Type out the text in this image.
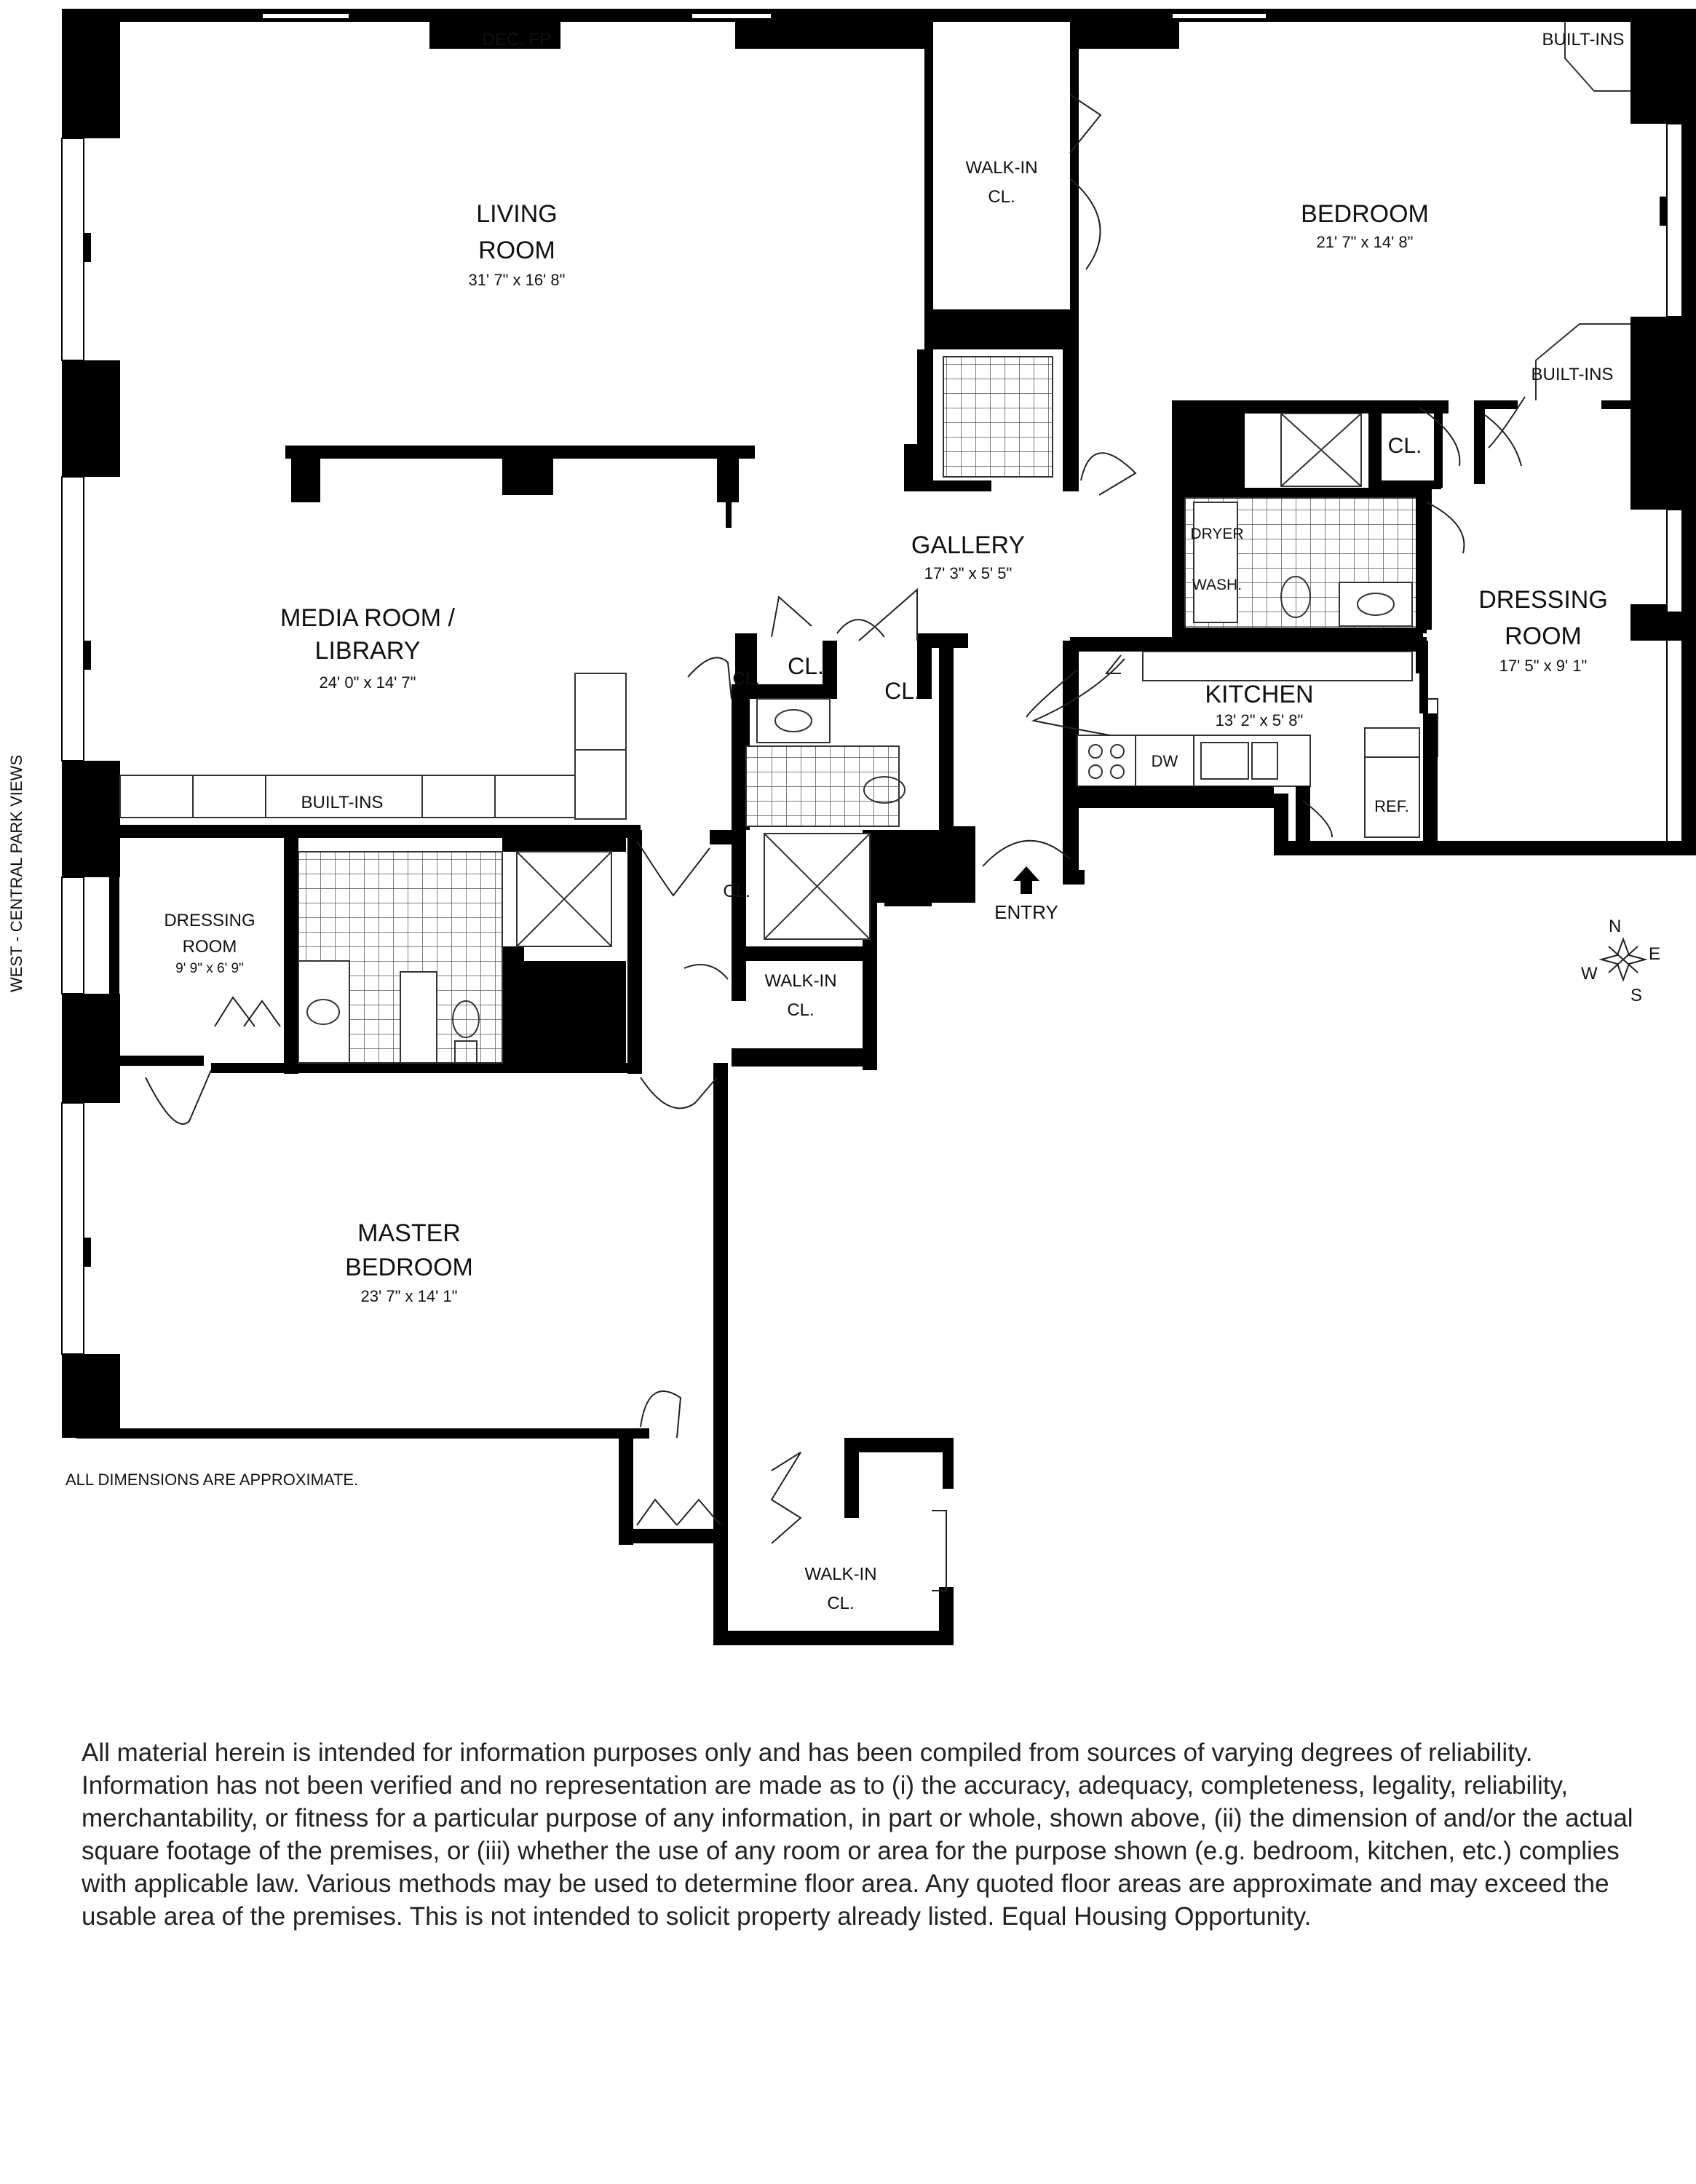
N
E
S
W
DEC. FP	BUILT-INS
BUILT-INS
BUILT-INS
LIVING
ROOM
31' 7" x 16' 8"
MEDIA ROOM /
LIBRARY
24' 0" x 14' 7"
GALLERY
17' 3" x 5' 5"
BEDROOM
21' 7" x 14' 8"
DRESSING
ROOM
17' 5" x 9' 1"
KITCHEN
13' 2" x 5' 8"
DRESSING
ROOM
9' 9" x 6' 9"
MASTER
BEDROOM
23' 7" x 14' 1"
WALK-IN
CL.
WALK-IN
CL.
WALK-IN
CL.
CL.
CL. CL.
CL.
CL.
DRYER
WASH.
DW
REF.
ENTRY
ALL DIMENSIONS ARE APPROXIMATE.
WEST - CENTRAL PARK VIEWS

All material herein is intended for information purposes only and has been compiled from sources of varying degrees of reliability. Information has not been verified and no representation are made as to (i) the accuracy, adequacy, completeness, legality, reliability, merchantability, or fitness for a particular purpose of any information, in part or whole, shown above, (ii) the dimension of and/or the actual square footage of the premises, or (iii) whether the use of any room or area for the purpose shown (e.g. bedroom, kitchen, etc.) complies with applicable law. Various methods may be used to determine floor area. Any quoted floor areas are approximate and may exceed the usable area of the premises. This is not intended to solicit property already listed. Equal Housing Opportunity.
